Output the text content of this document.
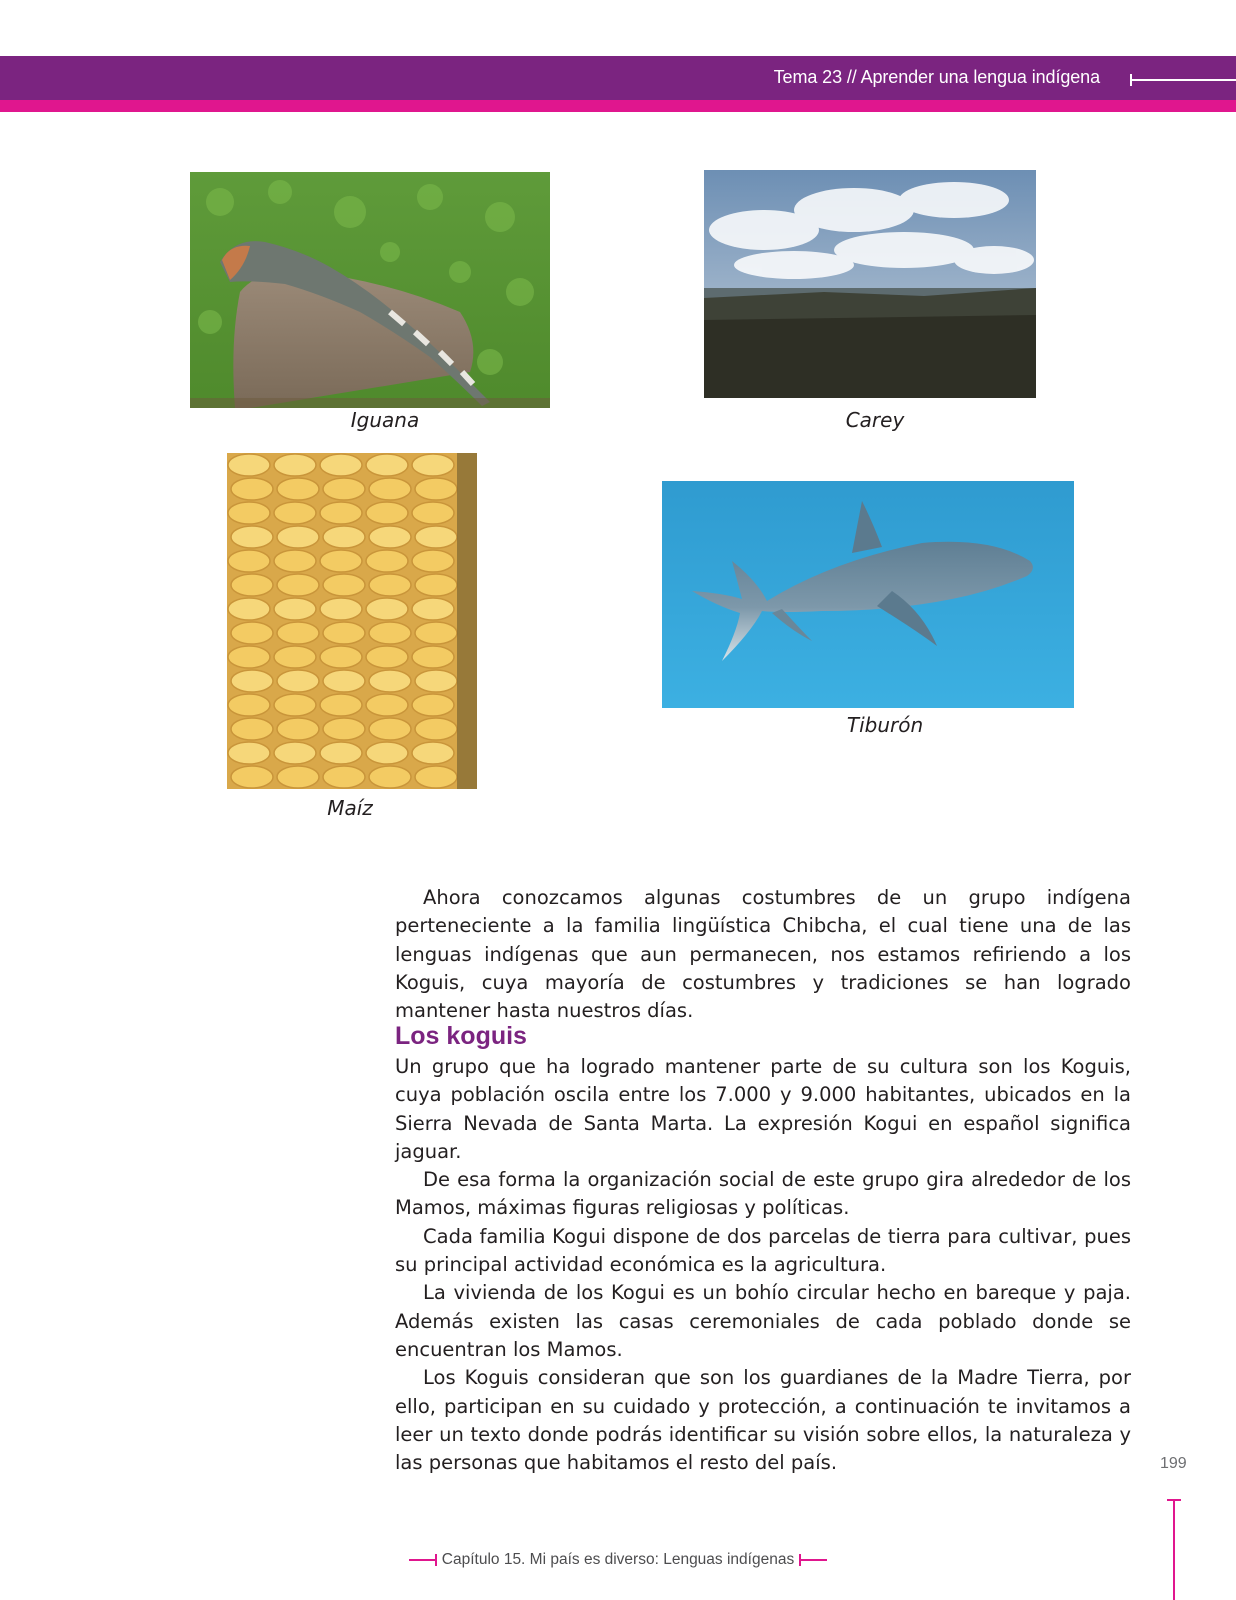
Tema 23 // Aprender una lengua indígena
Iguana	Carey
Maíz
Tiburón

Ahora conozcamos algunas costumbres de un grupo indígena perteneciente a la familia lingüística Chibcha, el cual tiene una de las lenguas indígenas que aun permanecen, nos estamos refiriendo a los Koguis, cuya mayoría de costumbres y tradiciones se han logrado mantener hasta nuestros días.

Los koguis

Un grupo que ha logrado mantener parte de su cultura son los Koguis, cuya población oscila entre los 7.000 y 9.000 habitantes, ubicados en la Sierra Nevada de Santa Marta. La expresión Kogui en español significa jaguar.

De esa forma la organización social de este grupo gira alrededor de los Mamos, máximas figuras religiosas y políticas.

Cada familia Kogui dispone de dos parcelas de tierra para cultivar, pues su principal actividad económica es la agricultura.

La vivienda de los Kogui es un bohío circular hecho en bareque y paja. Además existen las casas ceremoniales de cada poblado donde se encuentran los Mamos.

Los Koguis consideran que son los guardianes de la Madre Tierra, por ello, participan en su cuidado y protección, a continuación te invitamos a leer un texto donde podrás identificar su visión sobre ellos, la naturaleza y las personas que habitamos el resto del país.	199
Capítulo 15. Mi país es diverso: Lenguas indígenas
